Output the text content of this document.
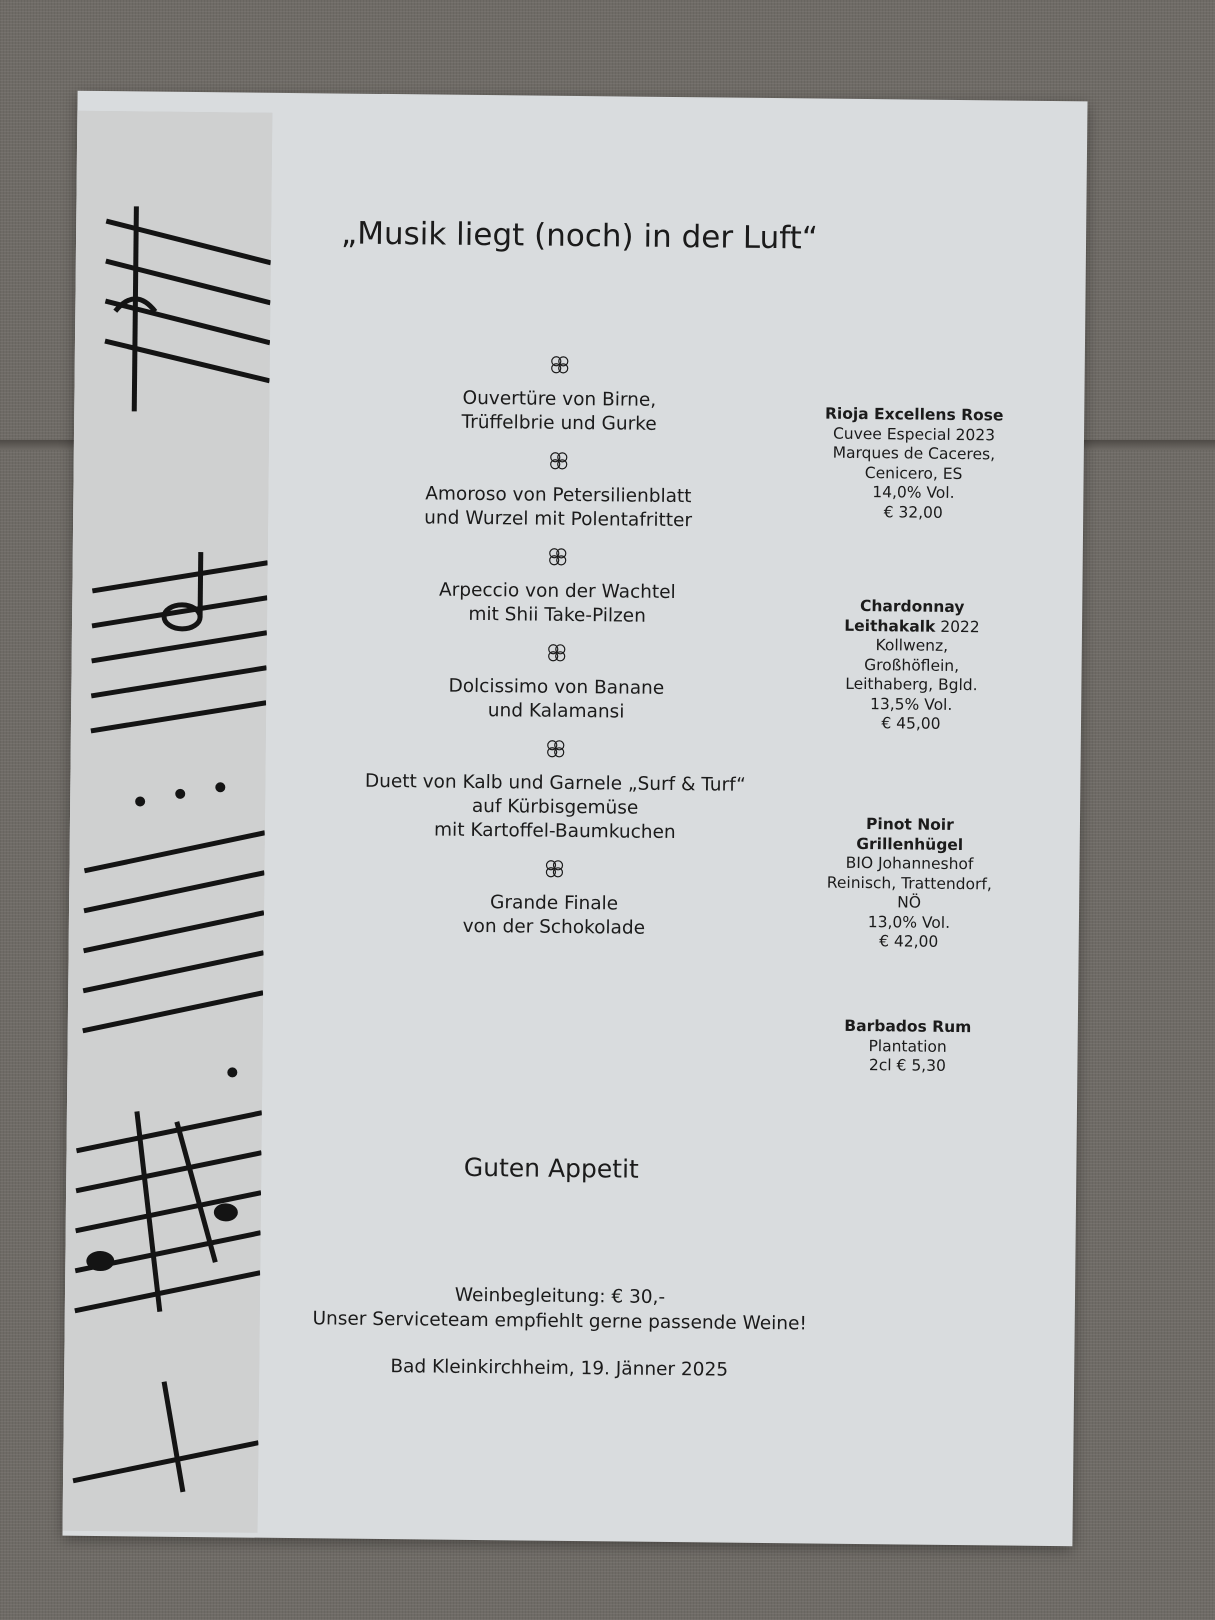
„Musik liegt (noch) in der Luft“
Ouvertüre von Birne,
Trüffelbrie und Gurke
Amoroso von Petersilienblatt
und Wurzel mit Polentafritter
Arpeccio von der Wachtel
mit Shii Take-Pilzen
Dolcissimo von Banane
und Kalamansi
Duett von Kalb und Garnele „Surf & Turf“
auf Kürbisgemüse
mit Kartoffel-Baumkuchen
Grande Finale
von der Schokolade
Rioja Excellens Rose
Cuvee Especial 2023
Marques de Caceres,
Cenicero, ES
14,0% Vol.
€ 32,00
Chardonnay
Leithakalk 2022
Kollwenz,
Großhöflein,
Leithaberg, Bgld.
13,5% Vol.
€ 45,00
Pinot Noir
Grillenhügel
BIO Johanneshof
Reinisch, Trattendorf,
NÖ
13,0% Vol.
€ 42,00
Barbados Rum
Plantation
2cl € 5,30
Guten Appetit
Weinbegleitung: € 30,-
Unser Serviceteam empfiehlt gerne passende Weine!
Bad Kleinkirchheim, 19. Jänner 2025
